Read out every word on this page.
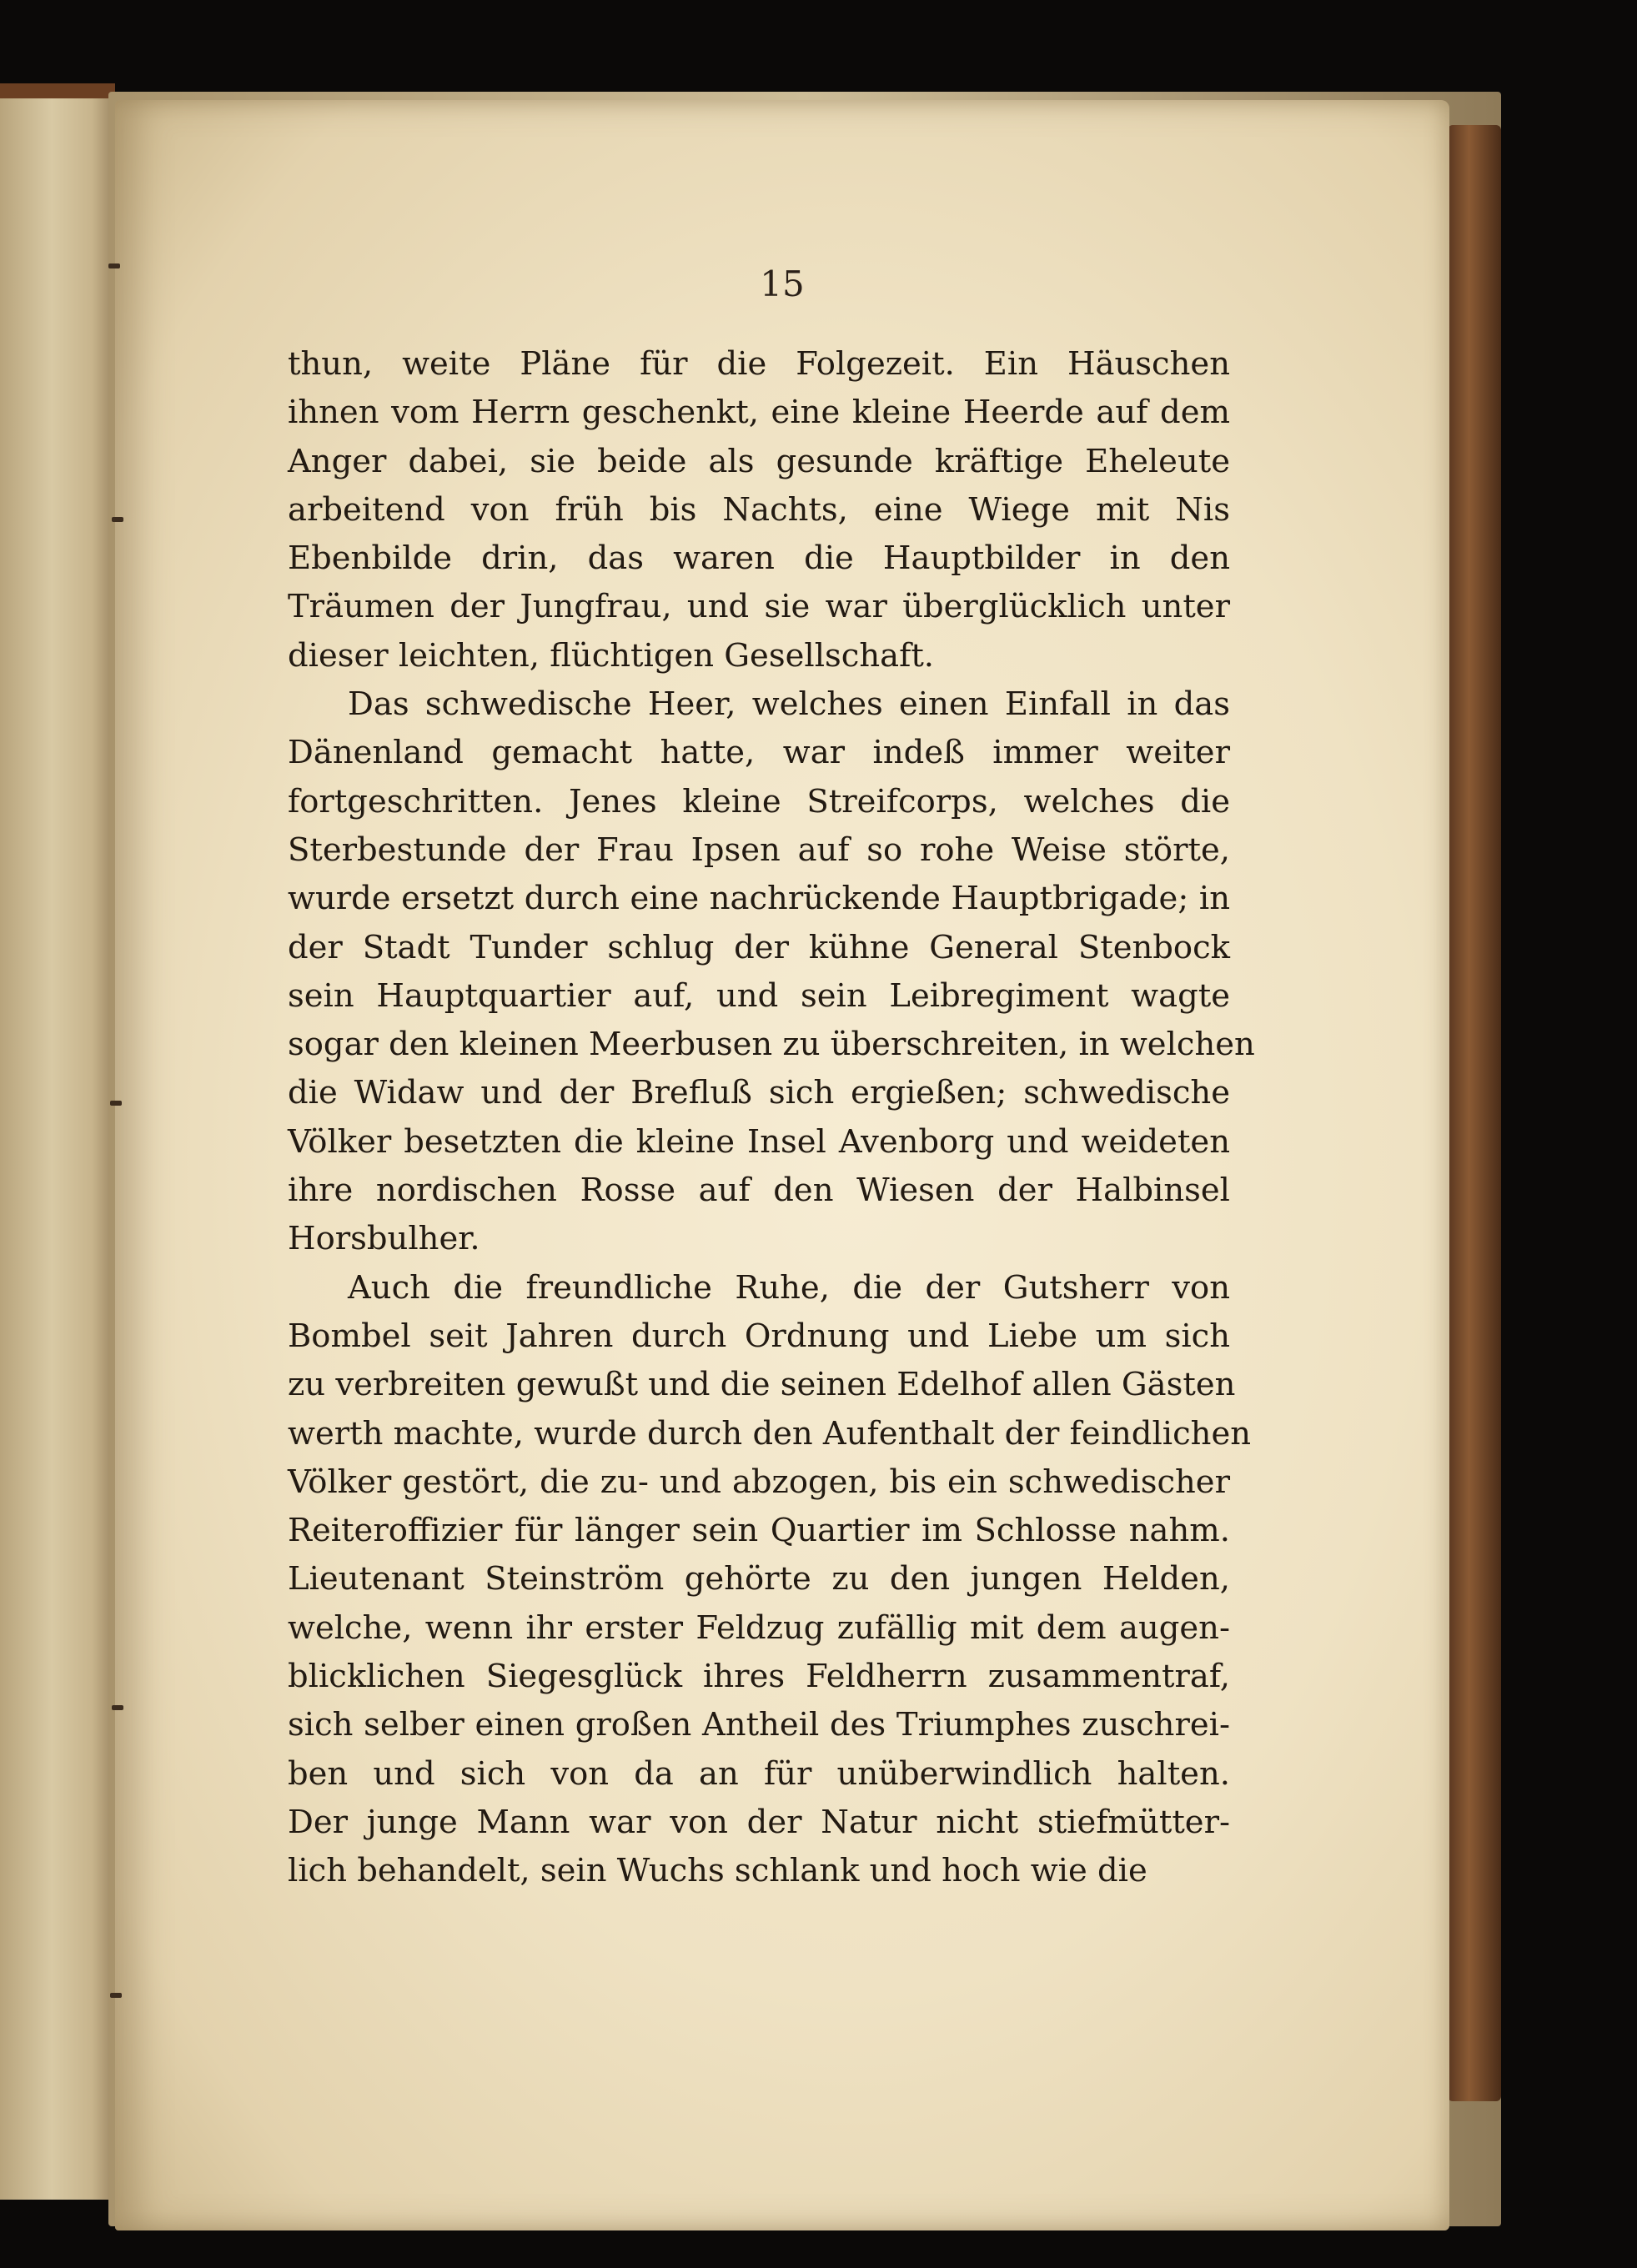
15
thun, weite Pläne für die Folgezeit. Ein Häuschen
ihnen vom Herrn geschenkt, eine kleine Heerde auf dem
Anger dabei, sie beide als gesunde kräftige Eheleute
arbeitend von früh bis Nachts, eine Wiege mit Nis
Ebenbilde drin, das waren die Hauptbilder in den
Träumen der Jungfrau, und sie war überglücklich unter
dieser leichten, flüchtigen Gesellschaft.
Das schwedische Heer, welches einen Einfall in das
Dänenland gemacht hatte, war indeß immer weiter
fortgeschritten. Jenes kleine Streifcorps, welches die
Sterbestunde der Frau Ipsen auf so rohe Weise störte,
wurde ersetzt durch eine nachrückende Hauptbrigade; in
der Stadt Tunder schlug der kühne General Stenbock
sein Hauptquartier auf, und sein Leibregiment wagte
sogar den kleinen Meerbusen zu überschreiten, in welchen
die Widaw und der Brefluß sich ergießen; schwedische
Völker besetzten die kleine Insel Avenborg und weideten
ihre nordischen Rosse auf den Wiesen der Halbinsel
Horsbulher.
Auch die freundliche Ruhe, die der Gutsherr von
Bombel seit Jahren durch Ordnung und Liebe um sich
zu verbreiten gewußt und die seinen Edelhof allen Gästen
werth machte, wurde durch den Aufenthalt der feindlichen
Völker gestört, die zu- und abzogen, bis ein schwedischer
Reiteroffizier für länger sein Quartier im Schlosse nahm.
Lieutenant Steinström gehörte zu den jungen Helden,
welche, wenn ihr erster Feldzug zufällig mit dem augen-
blicklichen Siegesglück ihres Feldherrn zusammentraf,
sich selber einen großen Antheil des Triumphes zuschrei-
ben und sich von da an für unüberwindlich halten.
Der junge Mann war von der Natur nicht stiefmütter-
lich behandelt, sein Wuchs schlank und hoch wie die
